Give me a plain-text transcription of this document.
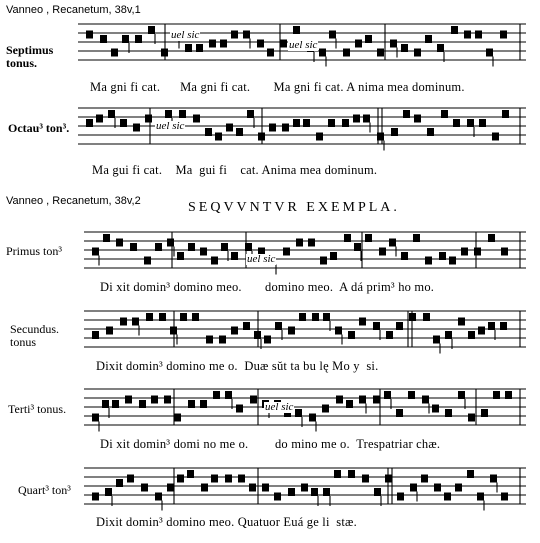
Vanneo , Recanetum, 38v,1
Vanneo , Recanetum, 38v,2	SEQVVNTVR EXEMPLA.
Septimus
tonus.
Octau³ ton³.
Primus ton³
Secundus.
tonus
Terti³ tonus.
Quart³ ton³
Ma gni fi cat.      Ma gni fi cat.       Ma gni fi cat. A nima mea dominum.
Ma gui fi cat.    Ma  gui fi    cat. Anima mea dominum.
Di xit domin³ domino meo.       domino meo.  A dá prim³ ho mo.
Dixit domin³ domino me o.  Duæ sŭt ta bu lę Mo y  si.
Di xit domin³ domi no me o.        do mino me o.  Trespatriar chæ.
Dixit domin³ domino meo. Quatuor Euá ge li  stæ.
uel sic
uel sic
uel sic
uel sic
uel sic
